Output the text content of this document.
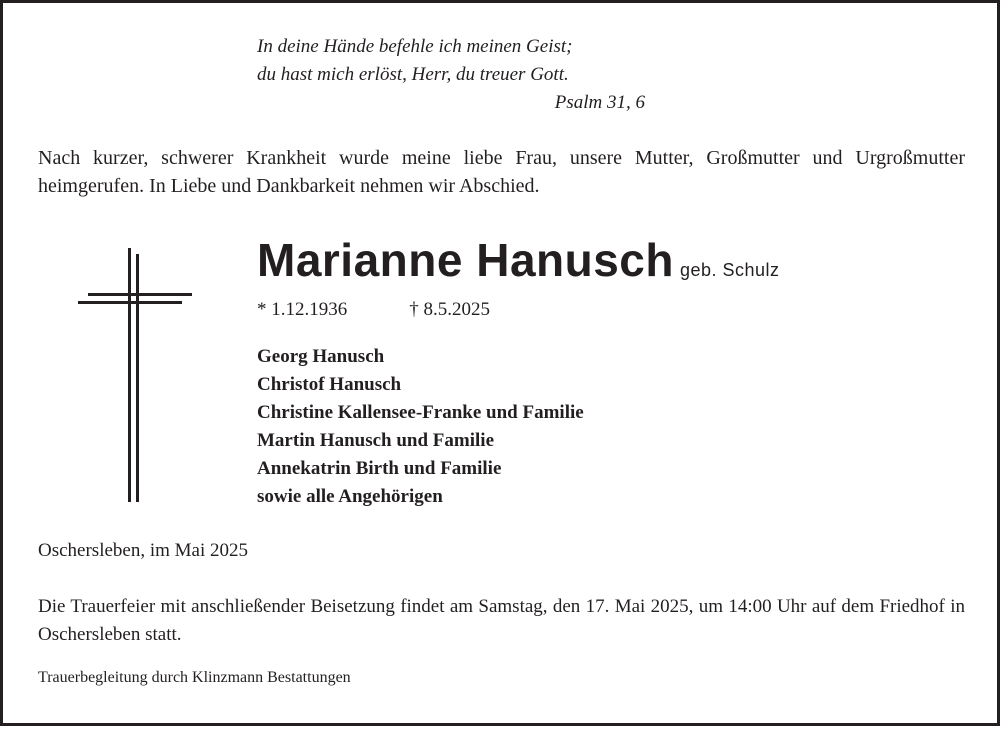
In deine Hände befehle ich meinen Geist;
du hast mich erlöst, Herr, du treuer Gott.
Psalm 31, 6
Nach kurzer, schwerer Krankheit wurde meine liebe Frau, unsere Mutter, Großmutter und Urgroßmutter heimgerufen. In Liebe und Dankbarkeit nehmen wir Abschied.
Marianne Hanusch geb. Schulz
* 1.12.1936	† 8.5.2025
Georg Hanusch
Christof Hanusch
Christine Kallensee-Franke und Familie
Martin Hanusch und Familie
Annekatrin Birth und Familie
sowie alle Angehörigen
Oschersleben, im Mai 2025
Die Trauerfeier mit anschließender Beisetzung findet am Samstag, den 17. Mai 2025, um 14:00 Uhr auf dem Friedhof in Oschersleben statt.
Trauerbegleitung durch Klinzmann Bestattungen
